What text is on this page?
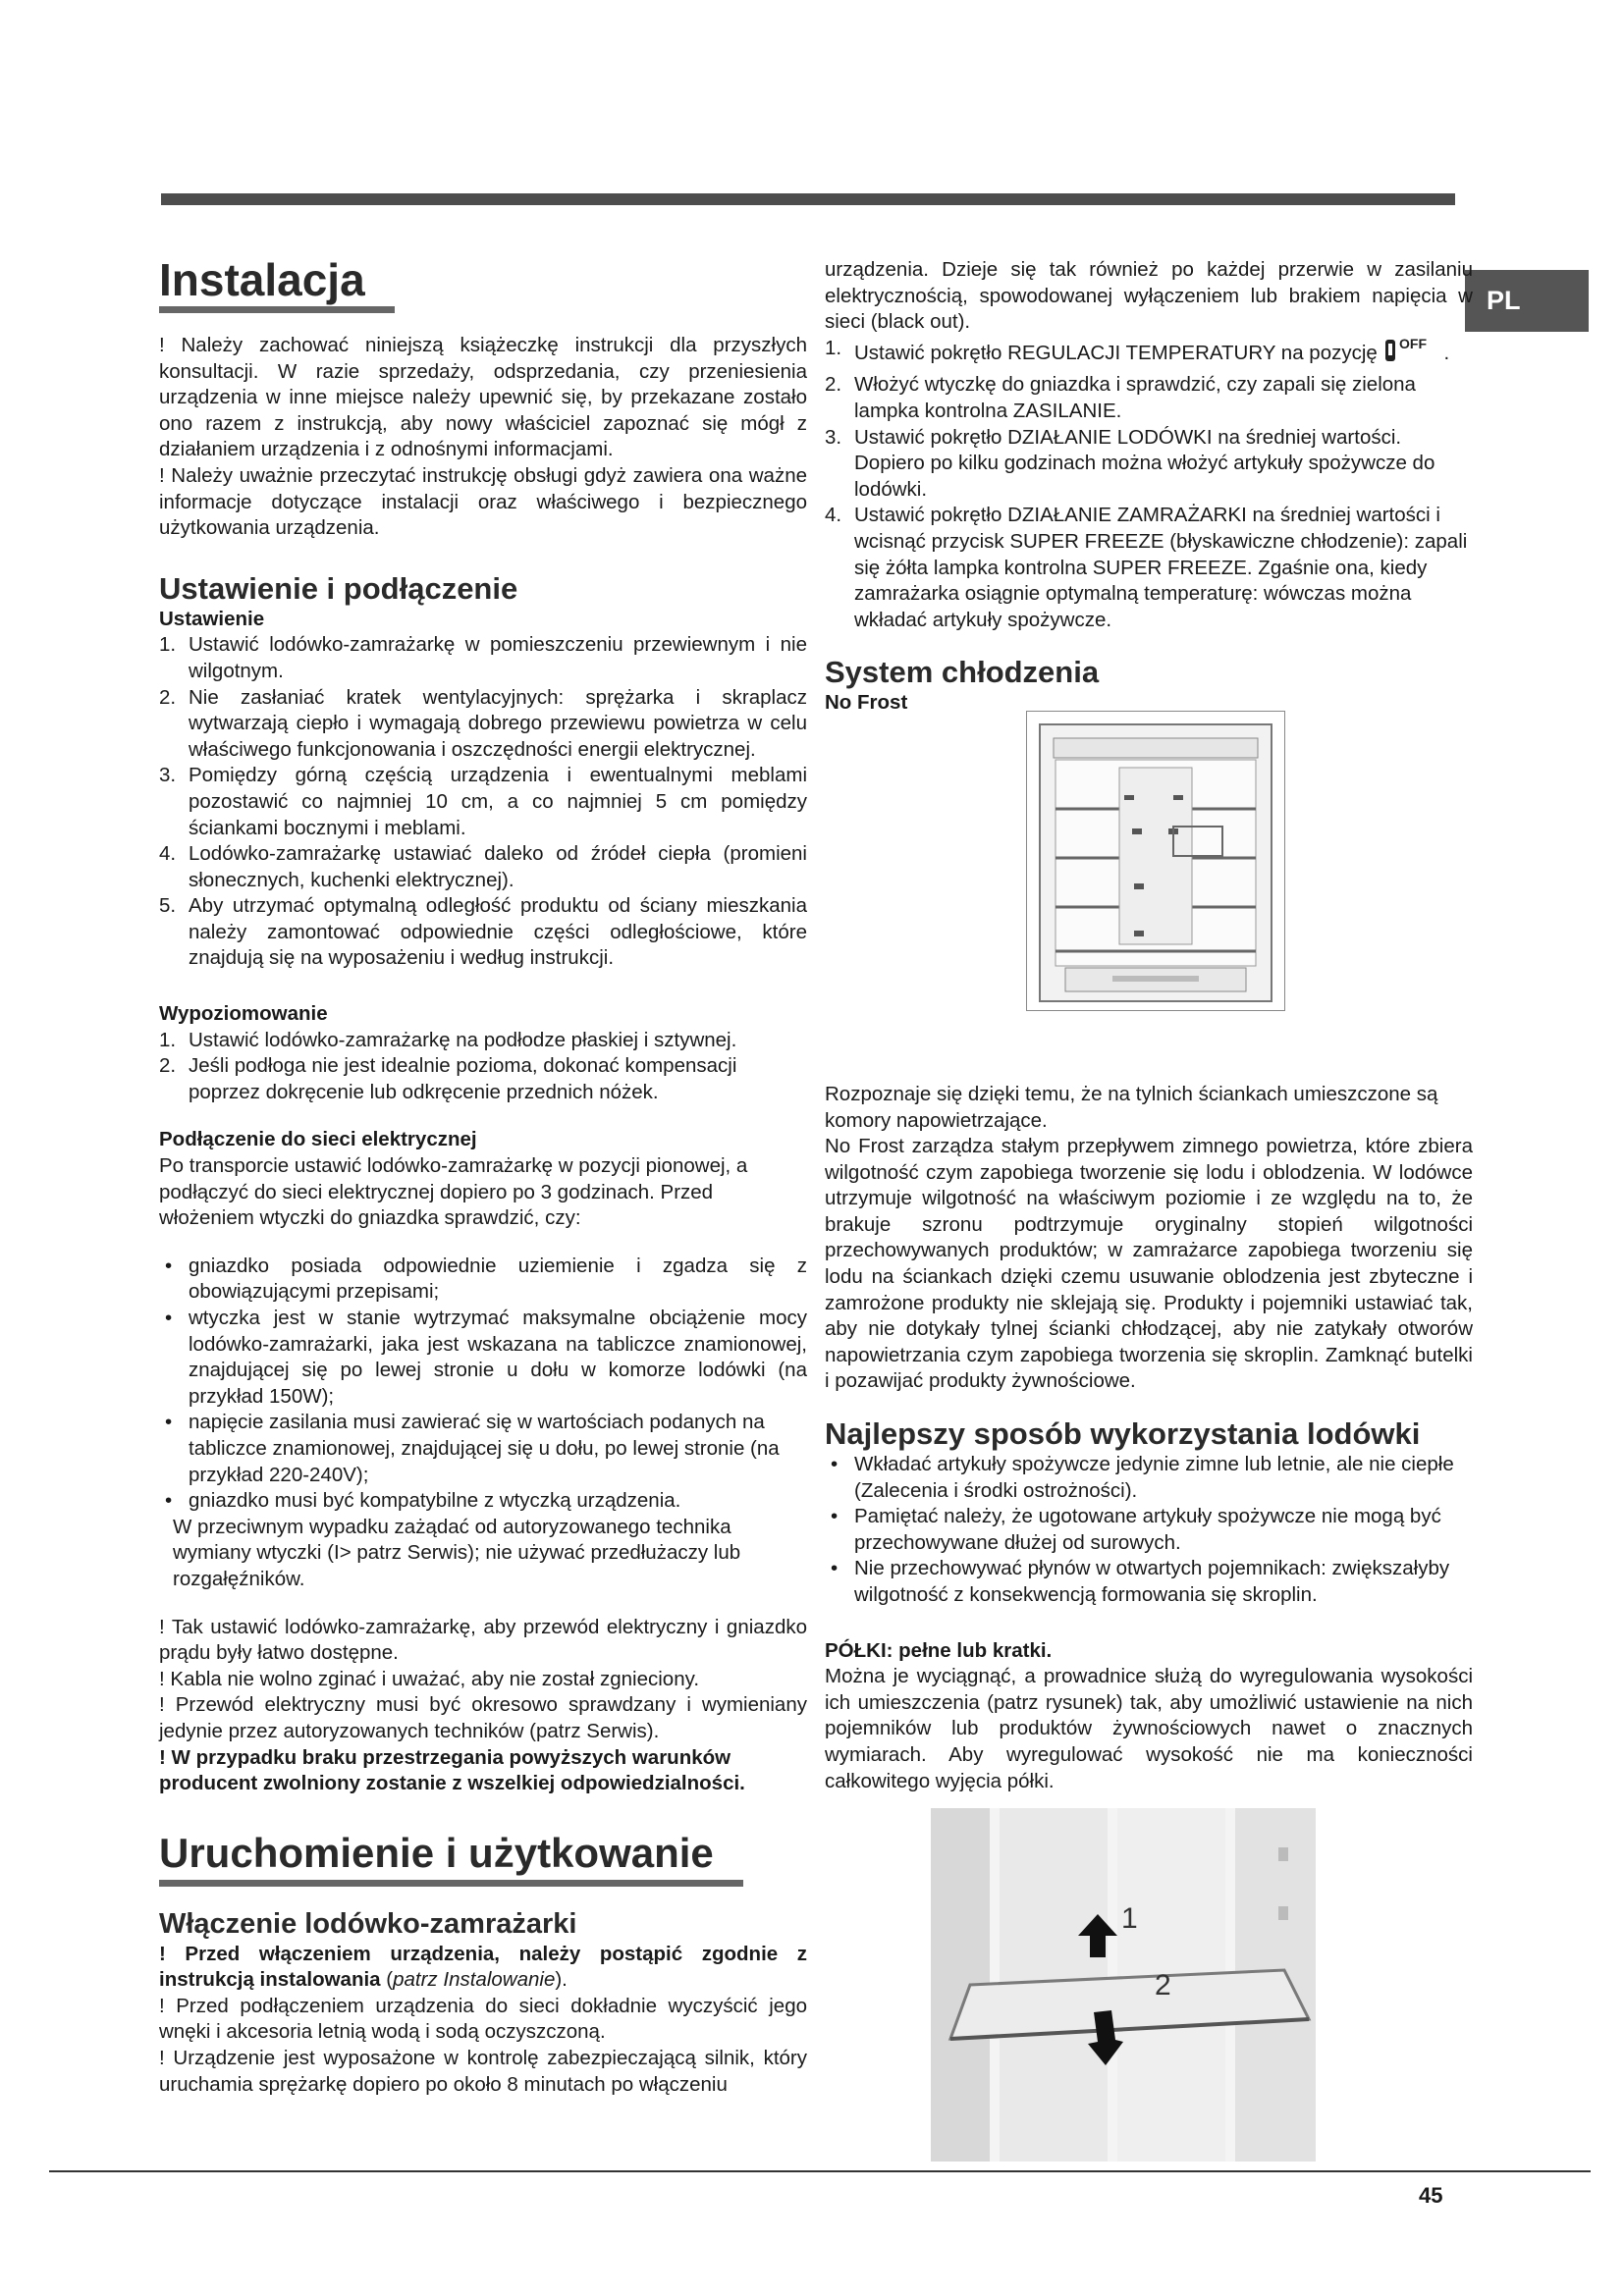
PL
Instalacja

! Należy zachować niniejszą książeczkę instrukcji dla przyszłych konsultacji. W razie sprzedaży, odsprzedania, czy przeniesienia urządzenia w inne miejsce należy upewnić się, by przekazane zostało ono razem z instrukcją, aby nowy właściciel zapoznać się mógł z działaniem urządzenia i z odnośnymi informacjami.

! Należy uważnie przeczytać instrukcję obsługi gdyż zawiera ona ważne informacje dotyczące instalacji oraz właściwego i bezpiecznego użytkowania urządzenia.

Ustawienie i podłączenie
Ustawienie
1. Ustawić lodówko-zamrażarkę w pomieszczeniu przewiewnym i nie wilgotnym.
2. Nie zasłaniać kratek wentylacyjnych: sprężarka i skraplacz wytwarzają ciepło i wymagają dobrego przewiewu powietrza w celu właściwego funkcjonowania i oszczędności energii elektrycznej.
3. Pomiędzy górną częścią urządzenia i ewentualnymi meblami pozostawić co najmniej 10 cm, a co najmniej 5 cm pomiędzy ściankami bocznymi i meblami.
4. Lodówko-zamrażarkę ustawiać daleko od źródeł ciepła (promieni słonecznych, kuchenki elektrycznej).
5. Aby utrzymać optymalną odległość produktu od ściany mieszkania należy zamontować odpowiednie części odległościowe, które znajdują się na wyposażeniu i według instrukcji.
Wypoziomowanie
1. Ustawić lodówko-zamrażarkę na podłodze płaskiej i sztywnej.
2. Jeśli podłoga nie jest idealnie pozioma, dokonać kompensacji poprzez dokręcenie lub odkręcenie przednich nóżek.
Podłączenie do sieci elektrycznej

Po transporcie ustawić lodówko-zamrażarkę w pozycji pionowej, a podłączyć do sieci elektrycznej dopiero po 3 godzinach. Przed włożeniem wtyczki do gniazdka sprawdzić, czy:

• gniazdko posiada odpowiednie uziemienie i zgadza się z obowiązującymi przepisami;
• wtyczka jest w stanie wytrzymać maksymalne obciążenie mocy lodówko-zamrażarki, jaka jest wskazana na tabliczce znamionowej, znajdującej się po lewej stronie u dołu w komorze lodówki (na przykład 150W);
• napięcie zasilania musi zawierać się w wartościach podanych na tabliczce znamionowej, znajdującej się u dołu, po lewej stronie (na przykład 220-240V);
• gniazdko musi być kompatybilne z wtyczką urządzenia.

W przeciwnym wypadku zażądać od autoryzowanego technika wymiany wtyczki (I> patrz Serwis); nie używać przedłużaczy lub rozgałęźników.

! Tak ustawić lodówko-zamrażarkę, aby przewód elektryczny i gniazdko prądu były łatwo dostępne.

! Kabla nie wolno zginać i uważać, aby nie został zgnieciony.

! Przewód elektryczny musi być okresowo sprawdzany i wymieniany jedynie przez autoryzowanych techników (patrz Serwis).

! W przypadku braku przestrzegania powyższych warunków producent zwolniony zostanie z wszelkiej odpowiedzialności.

Uruchomienie i użytkowanie
Włączenie lodówko-zamrażarki

! Przed włączeniem urządzenia, należy postąpić zgodnie z instrukcją instalowania (patrz Instalowanie).

! Przed podłączeniem urządzenia do sieci dokładnie wyczyścić jego wnęki i akcesoria letnią wodą i sodą oczyszczoną.

! Urządzenie jest wyposażone w kontrolę zabezpieczającą silnik, który uruchamia sprężarkę dopiero po około 8 minutach po włączeniu

urządzenia. Dzieje się tak również po każdej przerwie w zasilaniu elektrycznością, spowodowanej wyłączeniem lub brakiem napięcia w sieci (black out).

1. Ustawić pokrętło REGULACJI TEMPERATURY na pozycję OFF .
2. Włożyć wtyczkę do gniazdka i sprawdzić, czy zapali się zielona lampka kontrolna ZASILANIE.
3. Ustawić pokrętło DZIAŁANIE LODÓWKI na średniej wartości. Dopiero po kilku godzinach można włożyć artykuły spożywcze do lodówki.
4. Ustawić pokrętło DZIAŁANIE ZAMRAŻARKI na średniej wartości i wcisnąć przycisk SUPER FREEZE (błyskawiczne chłodzenie): zapali się żółta lampka kontrolna SUPER FREEZE. Zgaśnie ona, kiedy zamrażarka osiągnie optymalną temperaturę: wówczas można wkładać artykuły spożywcze.
System chłodzenia
No Frost

Rozpoznaje się dzięki temu, że na tylnich ściankach umieszczone są komory napowietrzające.

No Frost zarządza stałym przepływem zimnego powietrza, które zbiera wilgotność czym zapobiega tworzenie się lodu i oblodzenia. W lodówce utrzymuje wilgotność na właściwym poziomie i ze względu na to, że brakuje szronu podtrzymuje oryginalny stopień wilgotności przechowywanych produktów; w zamrażarce zapobiega tworzeniu się lodu na ściankach dzięki czemu usuwanie oblodzenia jest zbyteczne i zamrożone produkty nie sklejają się. Produkty i pojemniki ustawiać tak, aby nie dotykały tylnej ścianki chłodzącej, aby nie zatykały otworów napowietrzania czym zapobiega tworzenia się skroplin. Zamknąć butelki i pozawijać produkty żywnościowe.

Najlepszy sposób wykorzystania lodówki
• Wkładać artykuły spożywcze jedynie zimne lub letnie, ale nie ciepłe (Zalecenia i środki ostrożności).
• Pamiętać należy, że ugotowane artykuły spożywcze nie mogą być przechowywane dłużej od surowych.
• Nie przechowywać płynów w otwartych pojemnikach: zwiększałyby wilgotność z konsekwencją formowania się skroplin.
PÓŁKI: pełne lub kratki.

Można je wyciągnąć, a prowadnice służą do wyregulowania wysokości ich umieszczenia (patrz rysunek) tak, aby umożliwić ustawienie na nich pojemników lub produktów żywnościowych nawet o znacznych wymiarach. Aby wyregulować wysokość nie ma konieczności całkowitego wyjęcia półki.

1
2
45
